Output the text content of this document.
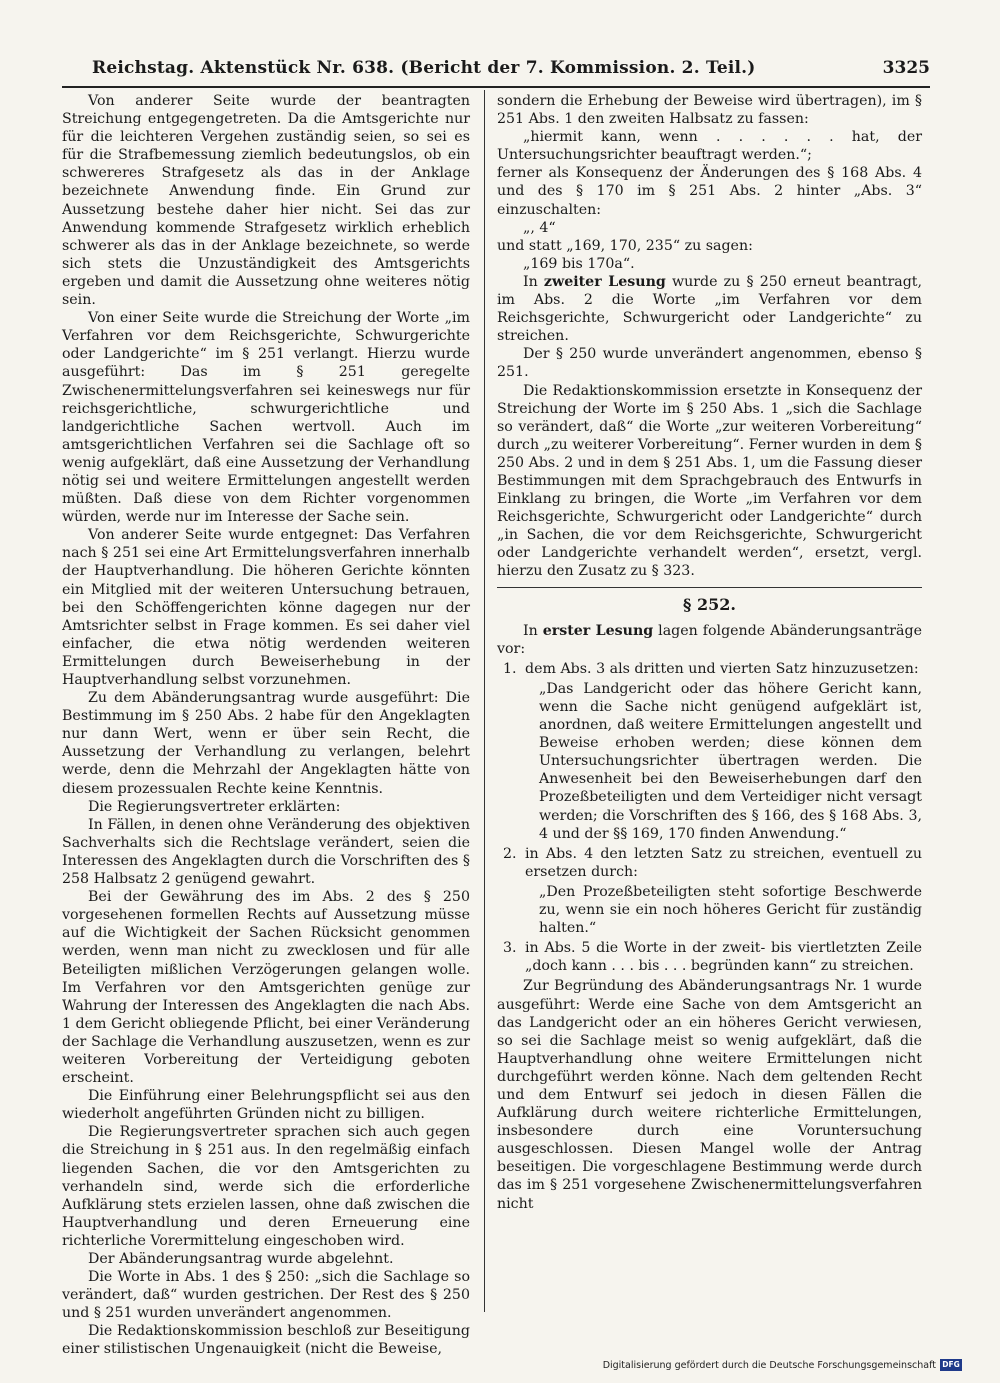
Reichstag. Aktenstück Nr. 638. (Bericht der 7. Kommission. 2. Teil.)	3325

Von anderer Seite wurde der beantragten Streichung entgegengetreten. Da die Amtsgerichte nur für die leichteren Vergehen zuständig seien, so sei es für die Strafbemessung ziemlich bedeutungslos, ob ein schwereres Strafgesetz als das in der Anklage bezeichnete Anwendung finde. Ein Grund zur Aussetzung bestehe daher hier nicht. Sei das zur Anwendung kommende Strafgesetz wirklich erheblich schwerer als das in der Anklage bezeichnete, so werde sich stets die Unzuständigkeit des Amtsgerichts ergeben und damit die Aussetzung ohne weiteres nötig sein.

Von einer Seite wurde die Streichung der Worte „im Verfahren vor dem Reichsgerichte, Schwurgerichte oder Landgerichte“ im § 251 verlangt. Hierzu wurde ausgeführt: Das im § 251 geregelte Zwischenermittelungsverfahren sei keineswegs nur für reichsgerichtliche, schwurgerichtliche und landgerichtliche Sachen wertvoll. Auch im amtsgerichtlichen Verfahren sei die Sachlage oft so wenig aufgeklärt, daß eine Aussetzung der Verhandlung nötig sei und weitere Ermittelungen angestellt werden müßten. Daß diese von dem Richter vorgenommen würden, werde nur im Interesse der Sache sein.

Von anderer Seite wurde entgegnet: Das Verfahren nach § 251 sei eine Art Ermittelungsverfahren innerhalb der Hauptverhandlung. Die höheren Gerichte könnten ein Mitglied mit der weiteren Untersuchung betrauen, bei den Schöffengerichten könne dagegen nur der Amtsrichter selbst in Frage kommen. Es sei daher viel einfacher, die etwa nötig werdenden weiteren Ermittelungen durch Beweiserhebung in der Hauptverhandlung selbst vorzunehmen.

Zu dem Abänderungsantrag wurde ausgeführt: Die Bestimmung im § 250 Abs. 2 habe für den Angeklagten nur dann Wert, wenn er über sein Recht, die Aussetzung der Verhandlung zu verlangen, belehrt werde, denn die Mehrzahl der Angeklagten hätte von diesem prozessualen Rechte keine Kenntnis.

Die Regierungsvertreter erklärten:

In Fällen, in denen ohne Veränderung des objektiven Sachverhalts sich die Rechtslage verändert, seien die Interessen des Angeklagten durch die Vorschriften des § 258 Halbsatz 2 genügend gewahrt.

Bei der Gewährung des im Abs. 2 des § 250 vorgesehenen formellen Rechts auf Aussetzung müsse auf die Wichtigkeit der Sachen Rücksicht genommen werden, wenn man nicht zu zwecklosen und für alle Beteiligten mißlichen Verzögerungen gelangen wolle. Im Verfahren vor den Amtsgerichten genüge zur Wahrung der Interessen des Angeklagten die nach Abs. 1 dem Gericht obliegende Pflicht, bei einer Veränderung der Sachlage die Verhandlung auszusetzen, wenn es zur weiteren Vorbereitung der Verteidigung geboten erscheint.

Die Einführung einer Belehrungspflicht sei aus den wiederholt angeführten Gründen nicht zu billigen.

Die Regierungsvertreter sprachen sich auch gegen die Streichung in § 251 aus. In den regelmäßig einfach liegenden Sachen, die vor den Amtsgerichten zu verhandeln sind, werde sich die erforderliche Aufklärung stets erzielen lassen, ohne daß zwischen die Hauptverhandlung und deren Erneuerung eine richterliche Vorermittelung eingeschoben wird.

Der Abänderungsantrag wurde abgelehnt.

Die Worte in Abs. 1 des § 250: „sich die Sachlage so verändert, daß“ wurden gestrichen. Der Rest des § 250 und § 251 wurden unverändert angenommen.

Die Redaktionskommission beschloß zur Beseitigung einer stilistischen Ungenauigkeit (nicht die Beweise,

sondern die Erhebung der Beweise wird übertragen), im § 251 Abs. 1 den zweiten Halbsatz zu fassen:

„hiermit kann, wenn . . . . . . hat, der Untersuchungsrichter beauftragt werden.“;

ferner als Konsequenz der Änderungen des § 168 Abs. 4 und des § 170 im § 251 Abs. 2 hinter „Abs. 3“ einzuschalten:

„, 4“

und statt „169, 170, 235“ zu sagen:

„169 bis 170a“.

In zweiter Lesung wurde zu § 250 erneut beantragt, im Abs. 2 die Worte „im Verfahren vor dem Reichsgerichte, Schwurgericht oder Landgerichte“ zu streichen.

Der § 250 wurde unverändert angenommen, ebenso § 251.

Die Redaktionskommission ersetzte in Konsequenz der Streichung der Worte im § 250 Abs. 1 „sich die Sachlage so verändert, daß“ die Worte „zur weiteren Vorbereitung“ durch „zu weiterer Vorbereitung“. Ferner wurden in dem § 250 Abs. 2 und in dem § 251 Abs. 1, um die Fassung dieser Bestimmungen mit dem Sprachgebrauch des Entwurfs in Einklang zu bringen, die Worte „im Verfahren vor dem Reichsgerichte, Schwurgericht oder Landgerichte“ durch „in Sachen, die vor dem Reichsgerichte, Schwurgericht oder Landgerichte verhandelt werden“, ersetzt, vergl. hierzu den Zusatz zu § 323.

§ 252.

In erster Lesung lagen folgende Abänderungsanträge vor:

1. dem Abs. 3 als dritten und vierten Satz hinzuzusetzen:

„Das Landgericht oder das höhere Gericht kann, wenn die Sache nicht genügend aufgeklärt ist, anordnen, daß weitere Ermittelungen angestellt und Beweise erhoben werden; diese können dem Untersuchungsrichter übertragen werden. Die Anwesenheit bei den Beweiserhebungen darf den Prozeßbeteiligten und dem Verteidiger nicht versagt werden; die Vorschriften des § 166, des § 168 Abs. 3, 4 und der §§ 169, 170 finden Anwendung.“

2. in Abs. 4 den letzten Satz zu streichen, eventuell zu ersetzen durch:

„Den Prozeßbeteiligten steht sofortige Beschwerde zu, wenn sie ein noch höheres Gericht für zuständig halten.“

3. in Abs. 5 die Worte in der zweit- bis viertletzten Zeile „doch kann . . . bis . . . begründen kann“ zu streichen.

Zur Begründung des Abänderungsantrags Nr. 1 wurde ausgeführt: Werde eine Sache von dem Amtsgericht an das Landgericht oder an ein höheres Gericht verwiesen, so sei die Sachlage meist so wenig aufgeklärt, daß die Hauptverhandlung ohne weitere Ermittelungen nicht durchgeführt werden könne. Nach dem geltenden Recht und dem Entwurf sei jedoch in diesen Fällen die Aufklärung durch weitere richterliche Ermittelungen, insbesondere durch eine Voruntersuchung ausgeschlossen. Diesen Mangel wolle der Antrag beseitigen. Die vorgeschlagene Bestimmung werde durch das im § 251 vorgesehene Zwischenermittelungsverfahren nicht

Digitalisierung gefördert durch die Deutsche Forschungsgemeinschaft DFG
